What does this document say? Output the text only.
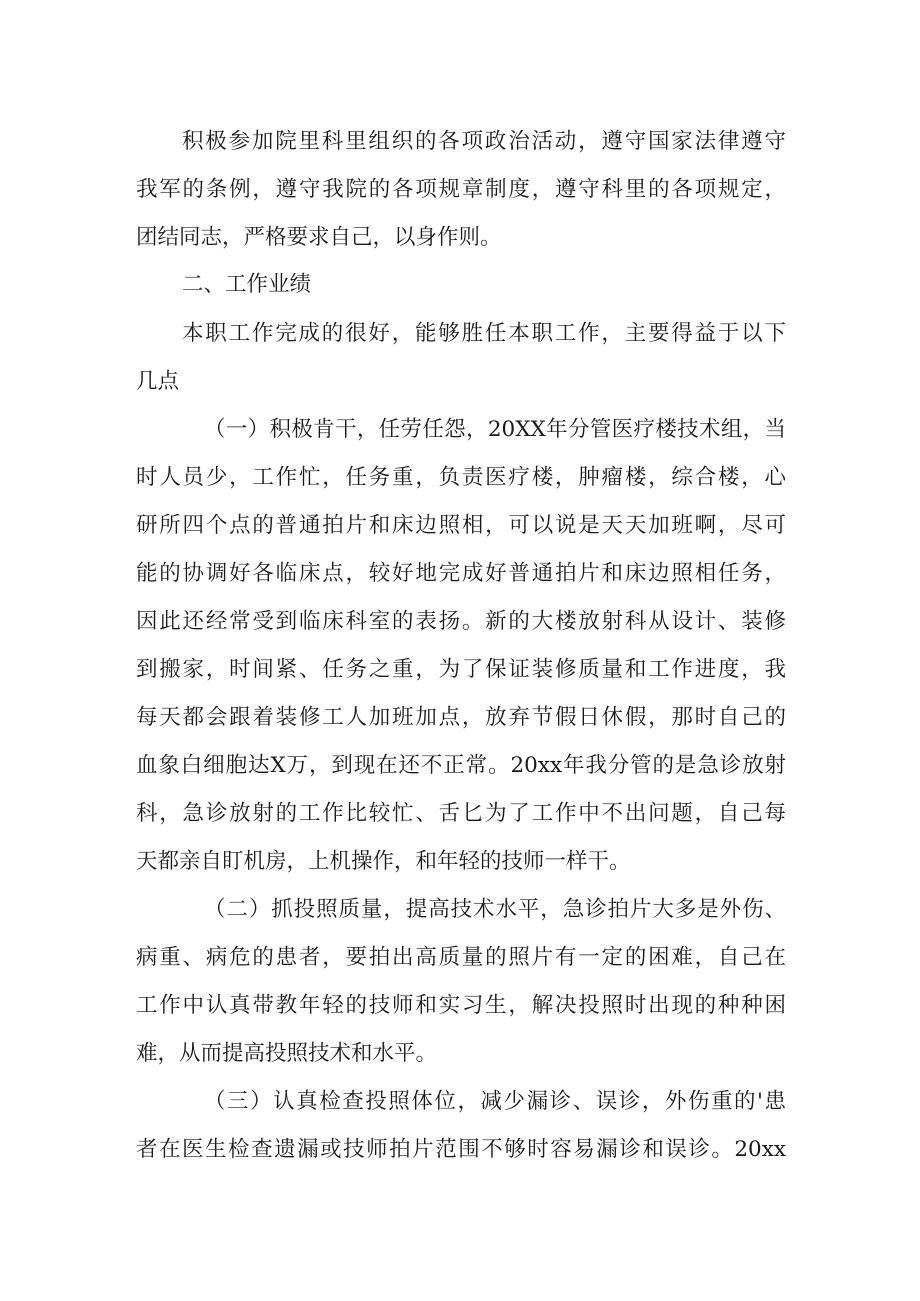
积极参加院里科里组织的各项政治活动，遵守国家法律遵守
我军的条例，遵守我院的各项规章制度，遵守科里的各项规定，
团结同志，严格要求自己，以身作则。
二、工作业绩
本职工作完成的很好，能够胜任本职工作，主要得益于以下
几点
（一）积极肯干，任劳任怨，20XX年分管医疗楼技术组，当
时人员少，工作忙，任务重，负责医疗楼，肿瘤楼，综合楼，心
研所四个点的普通拍片和床边照相，可以说是天天加班啊，尽可
能的协调好各临床点，较好地完成好普通拍片和床边照相任务，
因此还经常受到临床科室的表扬。新的大楼放射科从设计、装修
到搬家，时间紧、任务之重，为了保证装修质量和工作进度，我
每天都会跟着装修工人加班加点，放弃节假日休假，那时自己的
血象白细胞达X万，到现在还不正常。20xx年我分管的是急诊放射
科，急诊放射的工作比较忙、舌匕为了工作中不出问题，自己每
天都亲自盯机房，上机操作，和年轻的技师一样干。
（二）抓投照质量，提高技术水平，急诊拍片大多是外伤、
病重、病危的患者，要拍出高质量的照片有一定的困难，自己在
工作中认真带教年轻的技师和实习生，解决投照时出现的种种困
难，从而提高投照技术和水平。
（三）认真检查投照体位，减少漏诊、误诊，外伤重的'患
者在医生检查遗漏或技师拍片范围不够时容易漏诊和误诊。20xx
